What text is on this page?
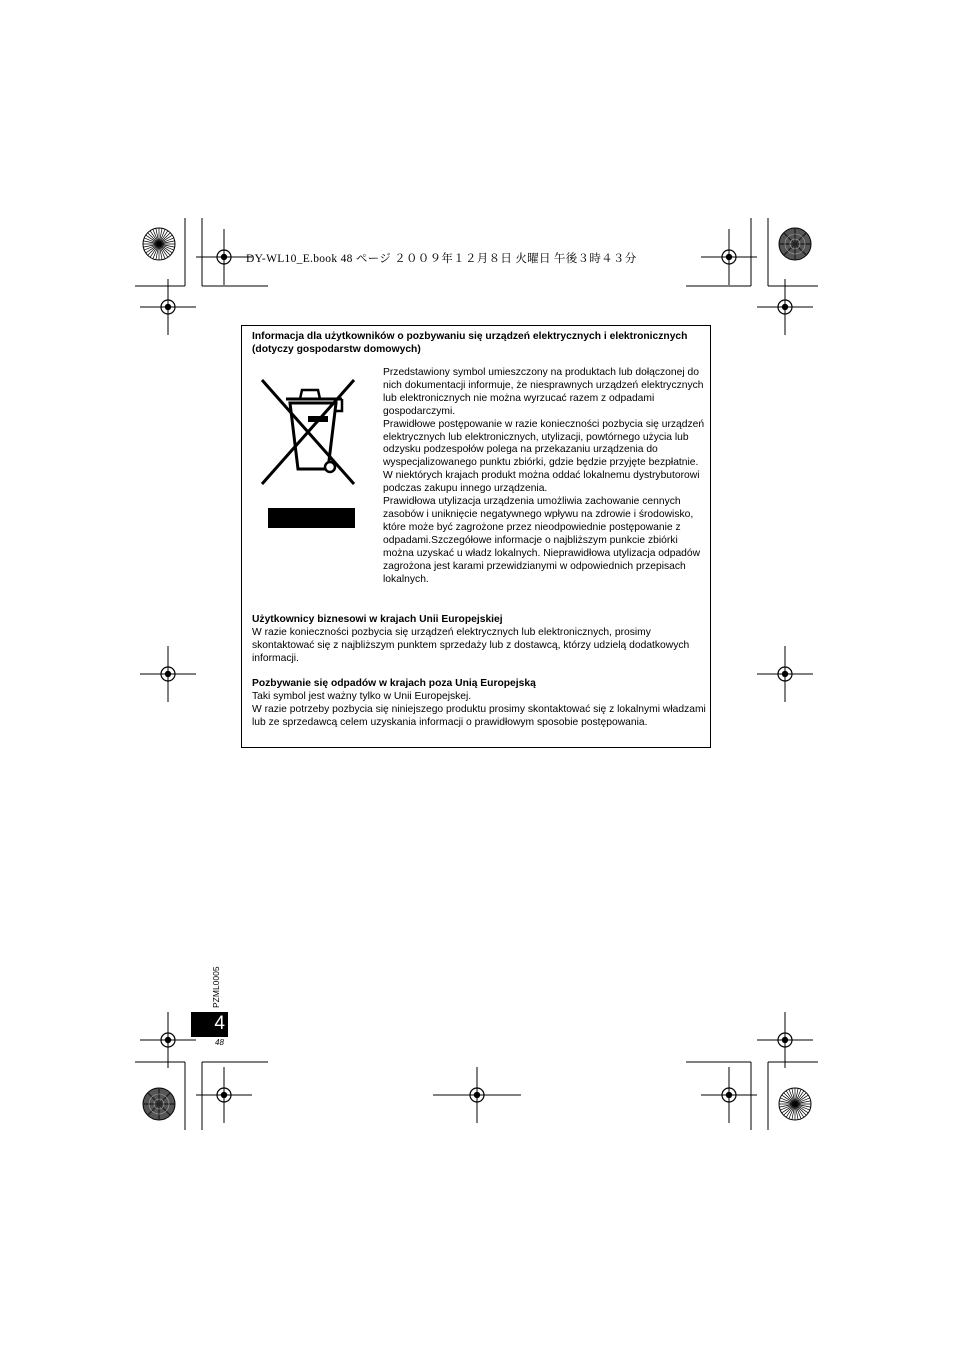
DY-WL10_E.book 48 ページ ２００９年１２月８日 火曜日 午後３時４３分
Informacja dla użytkowników o pozbywaniu się urządzeń elektrycznych i elektronicznych (dotyczy gospodarstw domowych)

Przedstawiony symbol umieszczony na produktach lub dołączonej do nich dokumentacji informuje, że niesprawnych urządzeń elektrycznych lub elektronicznych nie można wyrzucać razem z odpadami gospodarczymi.

Prawidłowe postępowanie w razie konieczności pozbycia się urządzeń elektrycznych lub elektronicznych, utylizacji, powtórnego użycia lub odzysku podzespołów polega na przekazaniu urządzenia do wyspecjalizowanego punktu zbiórki, gdzie będzie przyjęte bezpłatnie. W niektórych krajach produkt można oddać lokalnemu dystrybutorowi podczas zakupu innego urządzenia.

Prawidłowa utylizacja urządzenia umożliwia zachowanie cennych zasobów i uniknięcie negatywnego wpływu na zdrowie i środowisko, które może być zagrożone przez nieodpowiednie postępowanie z odpadami.Szczegółowe informacje o najbliższym punkcie zbiórki można uzyskać u władz lokalnych. Nieprawidłowa utylizacja odpadów zagrożona jest karami przewidzianymi w odpowiednich przepisach lokalnych.

Użytkownicy biznesowi w krajach Unii Europejskiej

W razie konieczności pozbycia się urządzeń elektrycznych lub elektronicznych, prosimy skontaktować się z najbliższym punktem sprzedaży lub z dostawcą, którzy udzielą dodatkowych informacji.

Pozbywanie się odpadów w krajach poza Unią Europejską

Taki symbol jest ważny tylko w Unii Europejskej.

W razie potrzeby pozbycia się niniejszego produktu prosimy skontaktować się z lokalnymi władzami lub ze sprzedawcą celem uzyskania informacji o prawidłowym sposobie postępowania.

PZML0005
4
48
